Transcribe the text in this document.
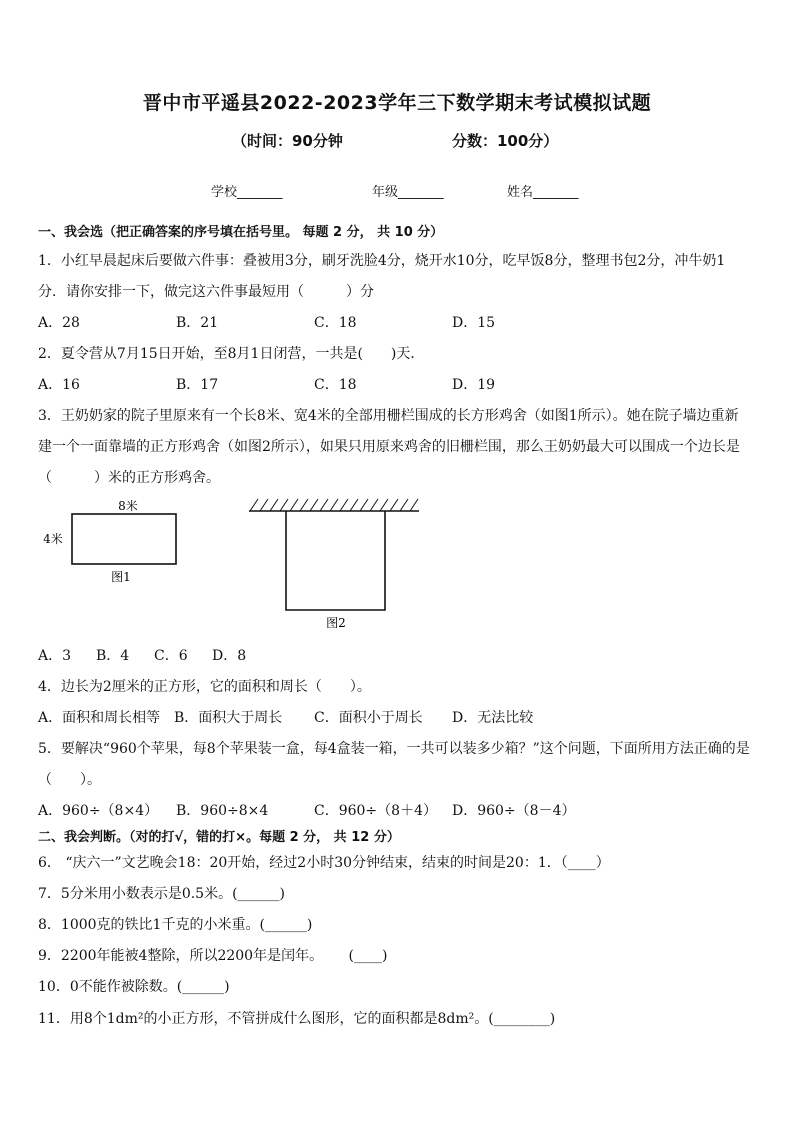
晋中市平遥县2022-2023学年三下数学期末考试模拟试题
（时间：90分钟	分数：100分）
学校_______	年级_______	姓名_______
一、我会选（把正确答案的序号填在括号里。 每题 2 分， 共 10 分）
1．小红早晨起床后要做六件事：叠被用3分，刷牙洗脸4分，烧开水10分，吃早饭8分，整理书包2分，冲牛奶1
分．请你安排一下，做完这六件事最短用（　　　）分
A．28	B．21	C．18	D．15
2．夏令营从7月15日开始，至8月1日闭营，一共是(　　)天．
A．16	B．17	C．18	D．19
3．王奶奶家的院子里原来有一个长8米、宽4米的全部用栅栏围成的长方形鸡舍（如图1所示）。她在院子墙边重新
建一个一面靠墙的正方形鸡舍（如图2所示），如果只用原来鸡舍的旧栅栏围，那么王奶奶最大可以围成一个边长是
（　　　）米的正方形鸡舍。
8米
4米
图1
图2
A．3 B．4 C．6 D．8
4．边长为2厘米的正方形，它的面积和周长（　　）。
A．面积和周长相等 B．面积大于周长 C．面积小于周长 D．无法比较
5．要解决“960个苹果，每8个苹果装一盒，每4盒装一箱，一共可以装多少箱？”这个问题，下面所用方法正确的是
（　　）。
A．960÷（8×4） B．960÷8×4	C．960÷（8＋4） D．960÷（8－4）
二、我会判断。（对的打√，错的打×。每题 2 分， 共 12 分）
6． “庆六一”文艺晚会18：20开始，经过2小时30分钟结束，结束的时间是20：1．（____）
7．5分米用小数表示是0.5米。(______)
8．1000克的铁比1千克的小米重。(______)
9．2200年能被4整除，所以2200年是闰年。　　 (____)
10．0不能作被除数。(______)
11．用8个1dm²的小正方形，不管拼成什么图形，它的面积都是8dm²。(________)
